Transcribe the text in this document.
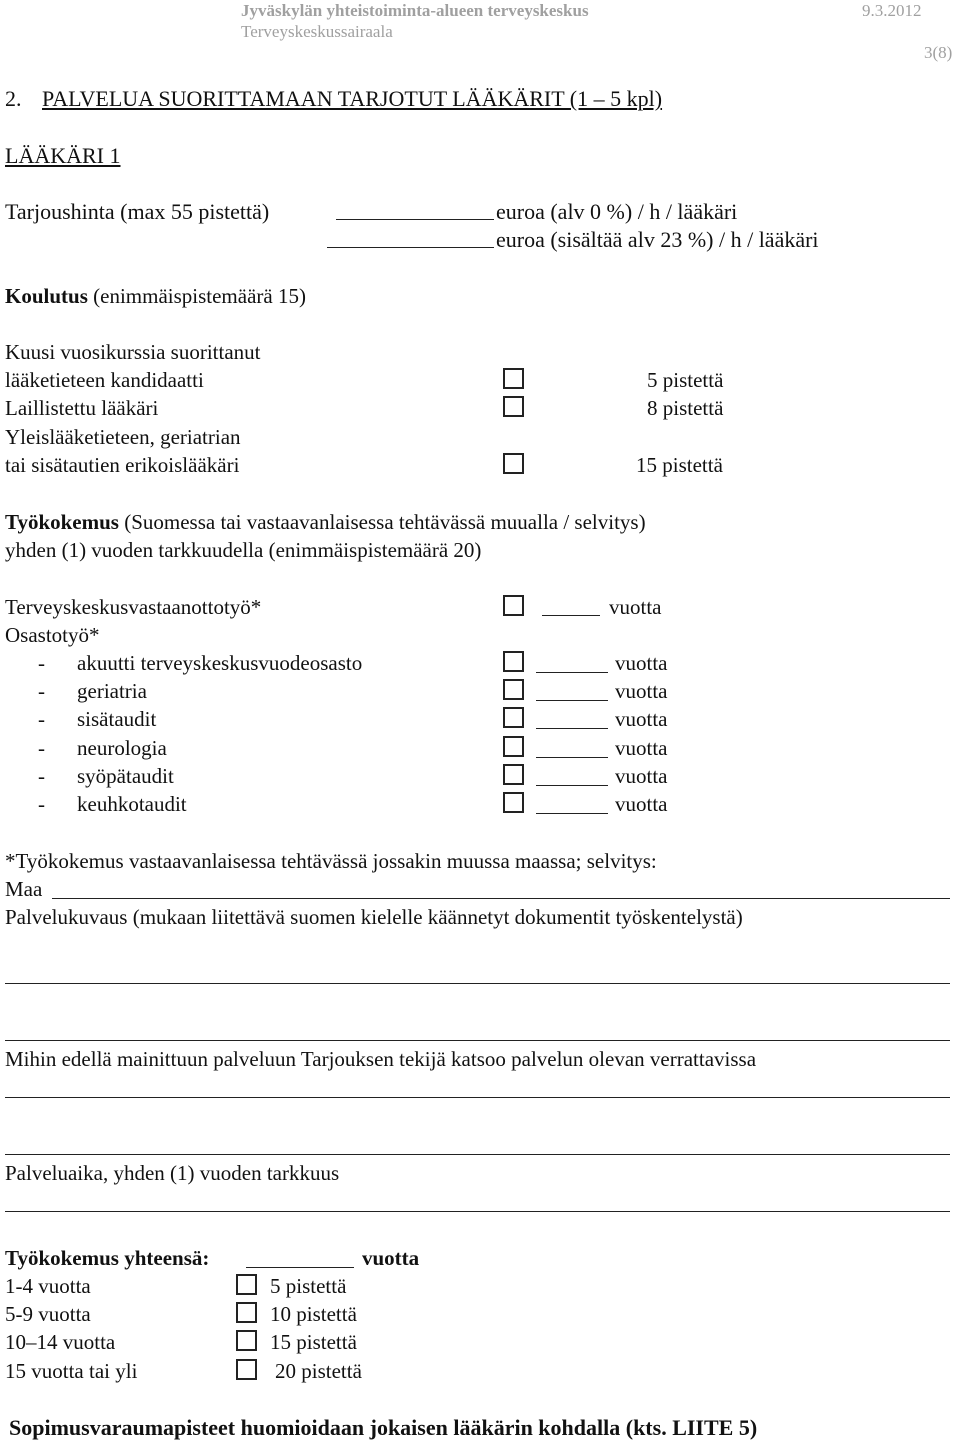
Jyväskylän yhteistoiminta-alueen terveyskeskus
Terveyskeskussairaala
9.3.2012
3(8)
2. PALVELUA SUORITTAMAAN TARJOTUT LÄÄKÄRIT (1 – 5 kpl)
LÄÄKÄRI 1
Tarjoushinta (max 55 pistettä)	euroa (alv 0 %) / h / lääkäri
euroa (sisältää alv 23 %) / h / lääkäri
Koulutus (enimmäispistemäärä 15)
Kuusi vuosikurssia suorittanut
lääketieteen kandidaatti	5 pistettä
Laillistettu lääkäri	8 pistettä
Yleislääketieteen, geriatrian
tai sisätautien erikoislääkäri	15 pistettä
Työkokemus (Suomessa tai vastaavanlaisessa tehtävässä muualla / selvitys)
yhden (1) vuoden tarkkuudella (enimmäispistemäärä 20)
Terveyskeskusvastaanottotyö*	vuotta
Osastotyö*
- akuutti terveyskeskusvuodeosasto	vuotta
- geriatria	vuotta
- sisätaudit	vuotta
- neurologia	vuotta
- syöpätaudit	vuotta
- keuhkotaudit	vuotta
*Työkokemus vastaavanlaisessa tehtävässä jossakin muussa maassa; selvitys:
Maa
Palvelukuvaus (mukaan liitettävä suomen kielelle käännetyt dokumentit työskentelystä)
Mihin edellä mainittuun palveluun Tarjouksen tekijä katsoo palvelun olevan verrattavissa
Palveluaika, yhden (1) vuoden tarkkuus
Työkokemus yhteensä:	vuotta
1-4 vuotta	5 pistettä
5-9 vuotta	10 pistettä
10–14 vuotta	15 pistettä
15 vuotta tai yli	20 pistettä
Sopimusvaraumapisteet huomioidaan jokaisen lääkärin kohdalla (kts. LIITE 5)
